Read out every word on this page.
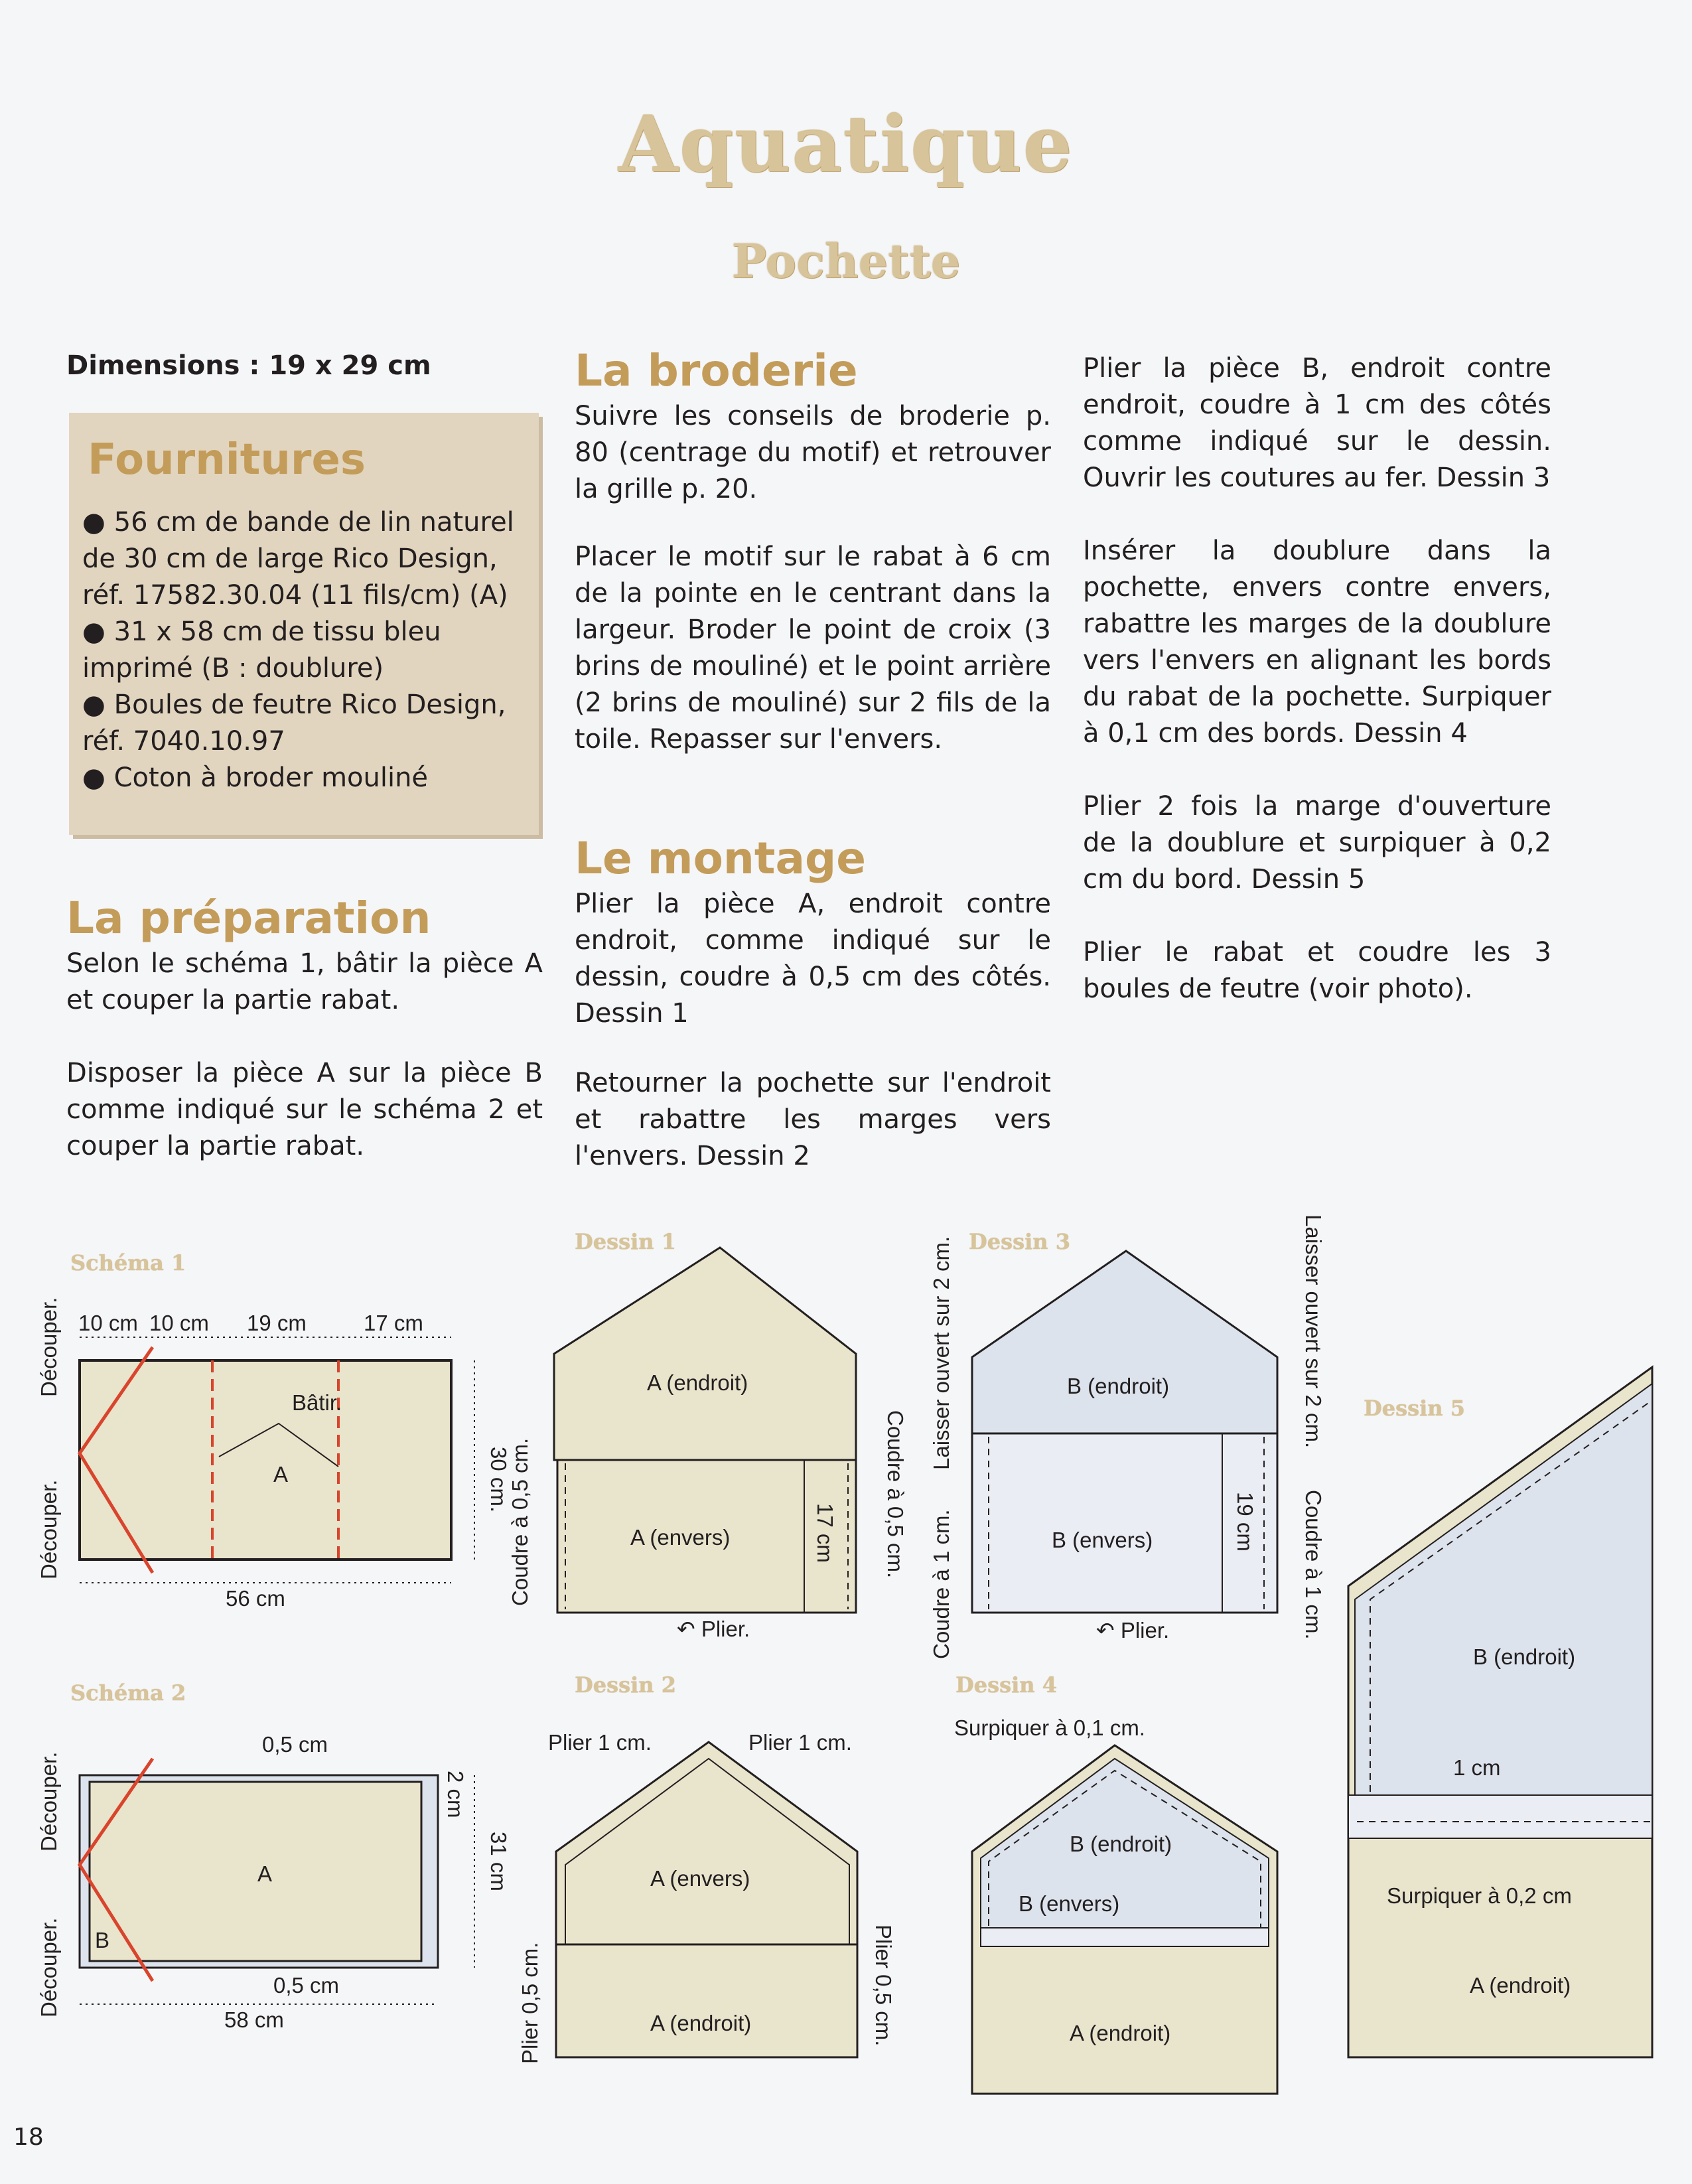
Aquatique
Pochette
Dimensions : 19 x 29 cm
Fournitures
● 56 cm de bande de lin naturel de 30 cm de large Rico Design, réf. 17582.30.04 (11 fils/cm) (A)
● 31 x 58 cm de tissu bleu imprimé (B : doublure)
● Boules de feutre Rico Design, réf. 7040.10.97
● Coton à broder mouliné
La préparation
Selon le schéma 1, bâtir la pièce A et couper la partie rabat.
Disposer la pièce A sur la pièce B comme indiqué sur le schéma 2 et couper la partie rabat.
La broderie
Suivre les conseils de broderie p. 80 (centrage du motif) et retrouver la grille p. 20.
Placer le motif sur le rabat à 6 cm de la pointe en le centrant dans la largeur. Broder le point de croix (3 brins de mouliné) et le point arrière (2 brins de mouliné) sur 2 fils de la toile. Repasser sur l'envers.
Le montage
Plier la pièce A, endroit contre endroit, comme indiqué sur le dessin, coudre à 0,5 cm des côtés. Dessin 1
Retourner la pochette sur l'endroit et rabattre les marges vers l'envers. Dessin 2
Plier la pièce B, endroit contre endroit, coudre à 1 cm des côtés comme indiqué sur le dessin. Ouvrir les coutures au fer. Dessin 3
Insérer la doublure dans la pochette, envers contre envers, rabattre les marges de la doublure vers l'envers en alignant les bords du rabat de la pochette. Surpiquer à 0,1 cm des bords. Dessin 4
Plier 2 fois la marge d'ouverture de la doublure et surpiquer à 0,2 cm du bord. Dessin 5
Plier le rabat et coudre les 3 boules de feutre (voir photo).
Schéma 1
10 cm 10 cm 19 cm	17 cm
Bâtir.
A
56 cm
30 cm.
Découper.
Découper.
Schéma 2
0,5 cm
2 cm
31 cm
A
B
0,5 cm
58 cm
Découper.
Découper.
Dessin 1
A (endroit)
A (envers)	17 cm
Coudre à 0,5 cm.	Coudre à 0,5 cm.
↶ Plier.
Dessin 2
Plier 1 cm.	Plier 1 cm.
A (envers)
A (endroit)
Plier 0,5 cm.	Plier 0,5 cm.
Dessin 3
B (endroit)
B (envers)	19 cm
Laisser ouvert sur 2 cm.
Coudre à 1 cm.
Laisser ouvert sur 2 cm.
Coudre à 1 cm.
↶ Plier.
Dessin 4
Surpiquer à 0,1 cm.
B (endroit)
B (envers)
A (endroit)
Dessin 5
B (endroit)
1 cm
Surpiquer à 0,2 cm
A (endroit)
18
